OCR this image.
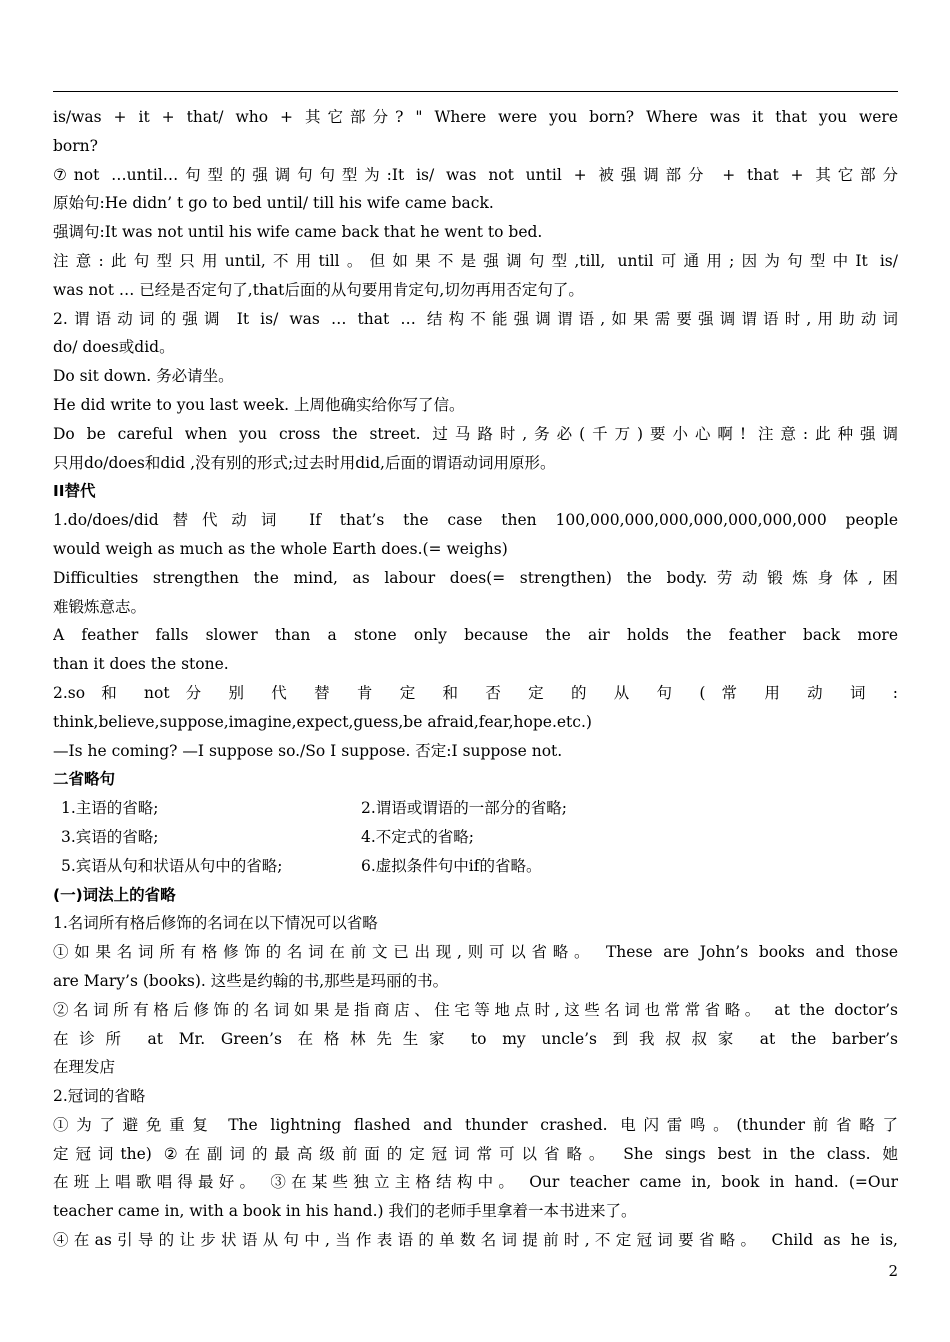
is/was + it + that/ who + 其它部分? " Where were you born? Where was it that you were
born?
⑦not …until…句型的强调句句型为:It is/ was not until + 被强调部分 + that + 其它部分
原始句:He didn’ t go to bed until/ till his wife came back.
强调句:It was not until his wife came back that he went to bed.
注意:此句型只用until,不用till。但如果不是强调句型,till, until可通用;因为句型中It is/
was not … 已经是否定句了,that后面的从句要用肯定句,切勿再用否定句了。
2.谓语动词的强调 It is/ was … that … 结构不能强调谓语,如果需要强调谓语时,用助动词
do/ does或did。
Do sit down. 务必请坐。
He did write to you last week. 上周他确实给你写了信。
Do be careful when you cross the street. 过马路时,务必(千万)要小心啊! 注意:此种强调
只用do/does和did ,没有别的形式;过去时用did,后面的谓语动词用原形。
II替代
1.do/does/did替代动词 If that’s the case then 100,000,000,000,000,000,000,000 people
would weigh as much as the whole Earth does.(= weighs)
Difficulties strengthen the mind, as labour does(= strengthen) the body.劳动锻炼身体,困
难锻炼意志。
A feather falls slower than a stone only because the air holds the feather back more
than it does the stone.
2.so 和 not 分 别 代 替 肯 定 和 否 定 的 从 句 ( 常 用 动 词 :
think,believe,suppose,imagine,expect,guess,be afraid,fear,hope.etc.)
—Is he coming? —I suppose so./So I suppose. 否定:I suppose not.
二省略句
1.主语的省略;	2.谓语或谓语的一部分的省略;
3.宾语的省略;	4.不定式的省略;
5.宾语从句和状语从句中的省略;	6.虚拟条件句中if的省略。
(一)词法上的省略
1.名词所有格后修饰的名词在以下情况可以省略
①如果名词所有格修饰的名词在前文已出现,则可以省略。 These are John’s books and those
are Mary’s (books). 这些是约翰的书,那些是玛丽的书。
②名词所有格后修饰的名词如果是指商店、住宅等地点时,这些名词也常常省略。 at the doctor’s
在诊所 at Mr. Green’s 在格林先生家 to my uncle’s 到我叔叔家 at the barber’s
在理发店
2.冠词的省略
①为了避免重复 The lightning flashed and thunder crashed. 电闪雷鸣。(thunder前省略了
定冠词the) ②在副词的最高级前面的定冠词常可以省略。 She sings best in the class. 她
在班上唱歌唱得最好。 ③在某些独立主格结构中。 Our teacher came in, book in hand. (=Our
teacher came in, with a book in his hand.) 我们的老师手里拿着一本书进来了。
④在as引导的让步状语从句中,当作表语的单数名词提前时,不定冠词要省略。 Child as he is,
2
